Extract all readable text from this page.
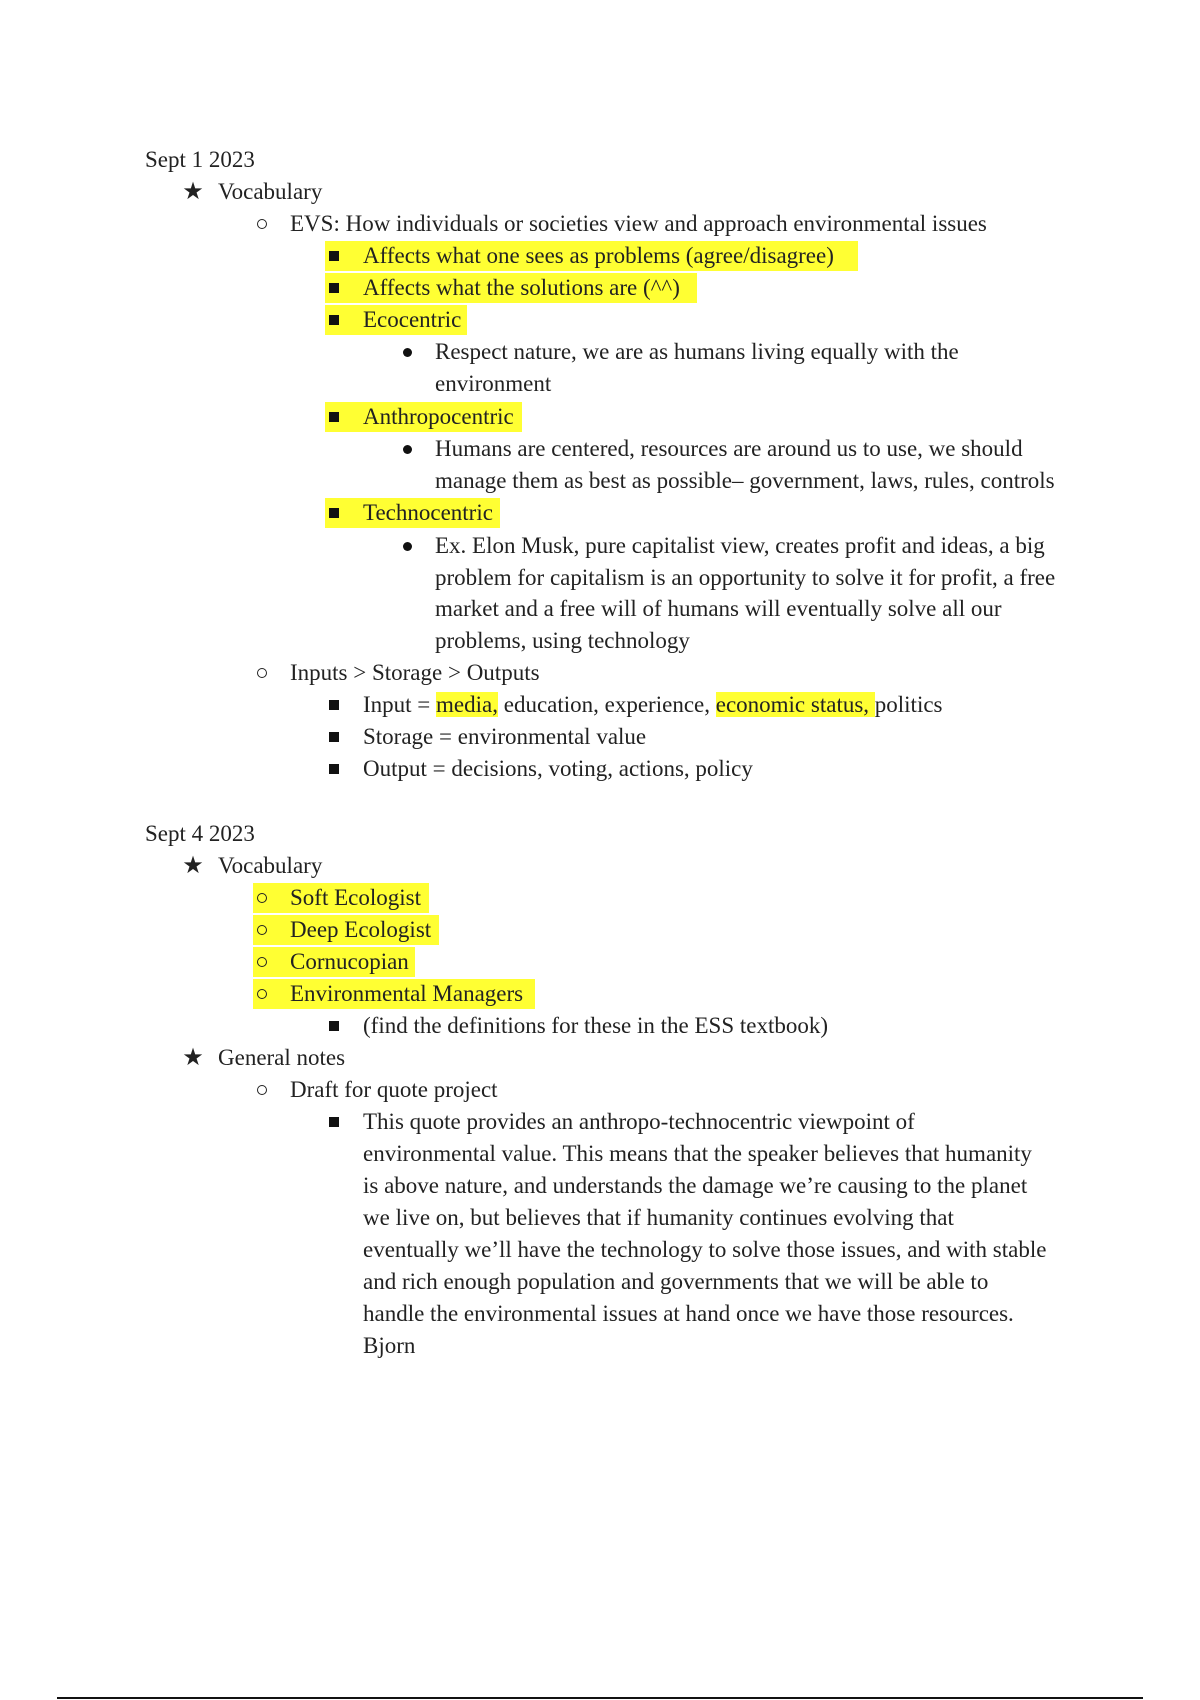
Sept 1 2023
★ Vocabulary
EVS: How individuals or societies view and approach environmental issues
Affects what one sees as problems (agree/disagree)
Affects what the solutions are (^^)
Ecocentric
Respect nature, we are as humans living equally with the
environment
Anthropocentric
Humans are centered, resources are around us to use, we should
manage them as best as possible– government, laws, rules, controls
Technocentric
Ex. Elon Musk, pure capitalist view, creates profit and ideas, a big
problem for capitalism is an opportunity to solve it for profit, a free
market and a free will of humans will eventually solve all our
problems, using technology
Inputs > Storage > Outputs
Input = media, education, experience, economic status, politics
Storage = environmental value
Output = decisions, voting, actions, policy
Sept 4 2023
★ Vocabulary
Soft Ecologist
Deep Ecologist
Cornucopian
Environmental Managers
(find the definitions for these in the ESS textbook)
★ General notes
Draft for quote project
This quote provides an anthropo-technocentric viewpoint of
environmental value. This means that the speaker believes that humanity
is above nature, and understands the damage we’re causing to the planet
we live on, but believes that if humanity continues evolving that
eventually we’ll have the technology to solve those issues, and with stable
and rich enough population and governments that we will be able to
handle the environmental issues at hand once we have those resources.
Bjorn
